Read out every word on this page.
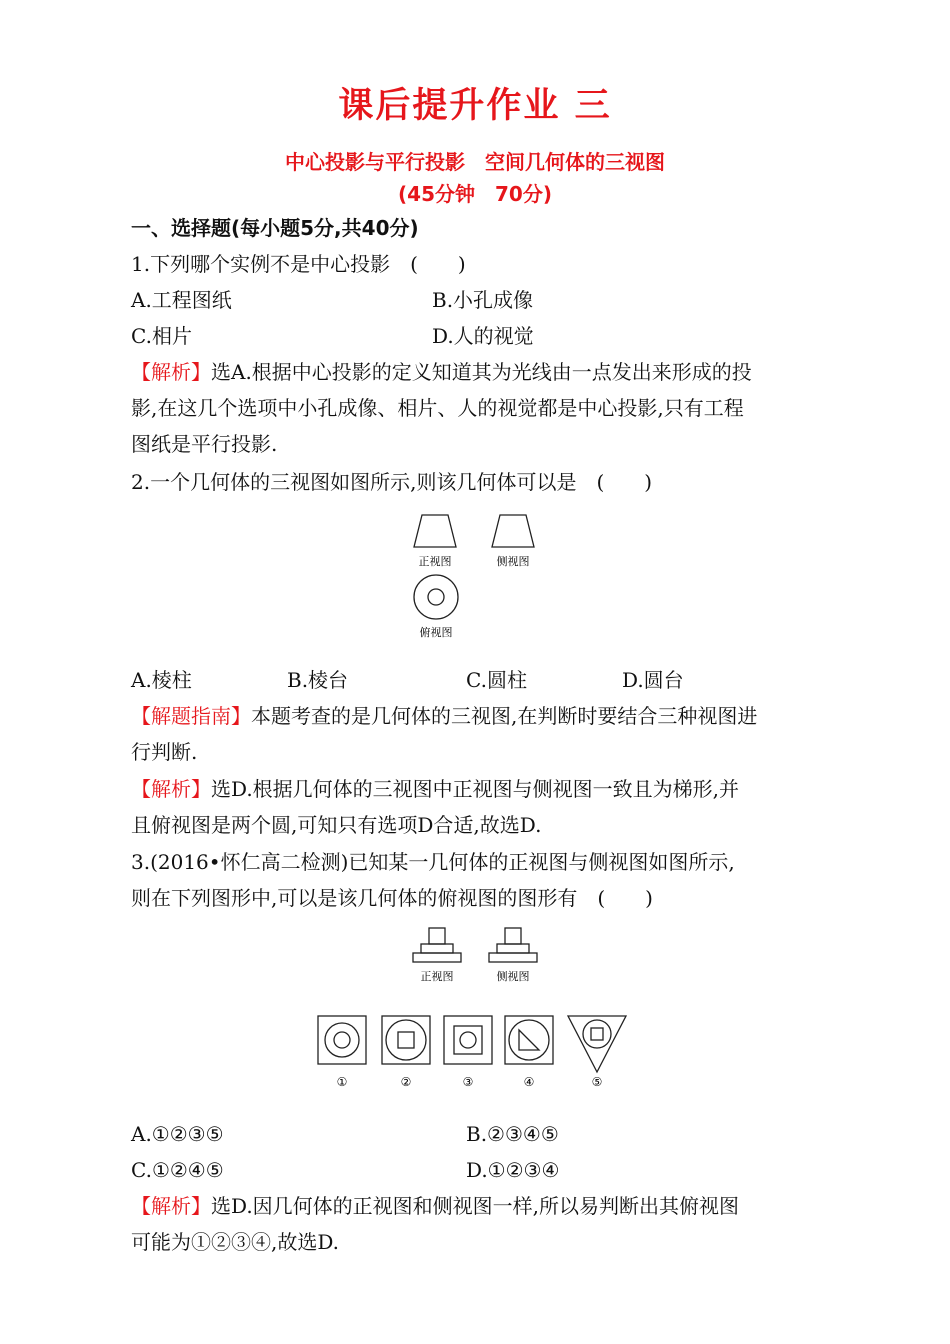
课后提升作业 三
中心投影与平行投影　空间几何体的三视图
(45分钟　70分)
一、选择题(每小题5分,共40分)
1.下列哪个实例不是中心投影　(　　)
A.工程图纸	B.小孔成像
C.相片	D.人的视觉
【解析】选A.根据中心投影的定义知道其为光线由一点发出来形成的投
影,在这几个选项中小孔成像、相片、人的视觉都是中心投影,只有工程
图纸是平行投影.
2.一个几何体的三视图如图所示,则该几何体可以是　(　　)
正视图	侧视图
俯视图
A.棱柱	B.棱台	C.圆柱	D.圆台
【解题指南】本题考查的是几何体的三视图,在判断时要结合三种视图进
行判断.
【解析】选D.根据几何体的三视图中正视图与侧视图一致且为梯形,并
且俯视图是两个圆,可知只有选项D合适,故选D.
3.(2016•怀仁高二检测)已知某一几何体的正视图与侧视图如图所示,
则在下列图形中,可以是该几何体的俯视图的图形有　(　　)
正视图	侧视图
①	②	③	④	⑤
A.①②③⑤	B.②③④⑤
C.①②④⑤	D.①②③④
【解析】选D.因几何体的正视图和侧视图一样,所以易判断出其俯视图
可能为①②③④,故选D.
